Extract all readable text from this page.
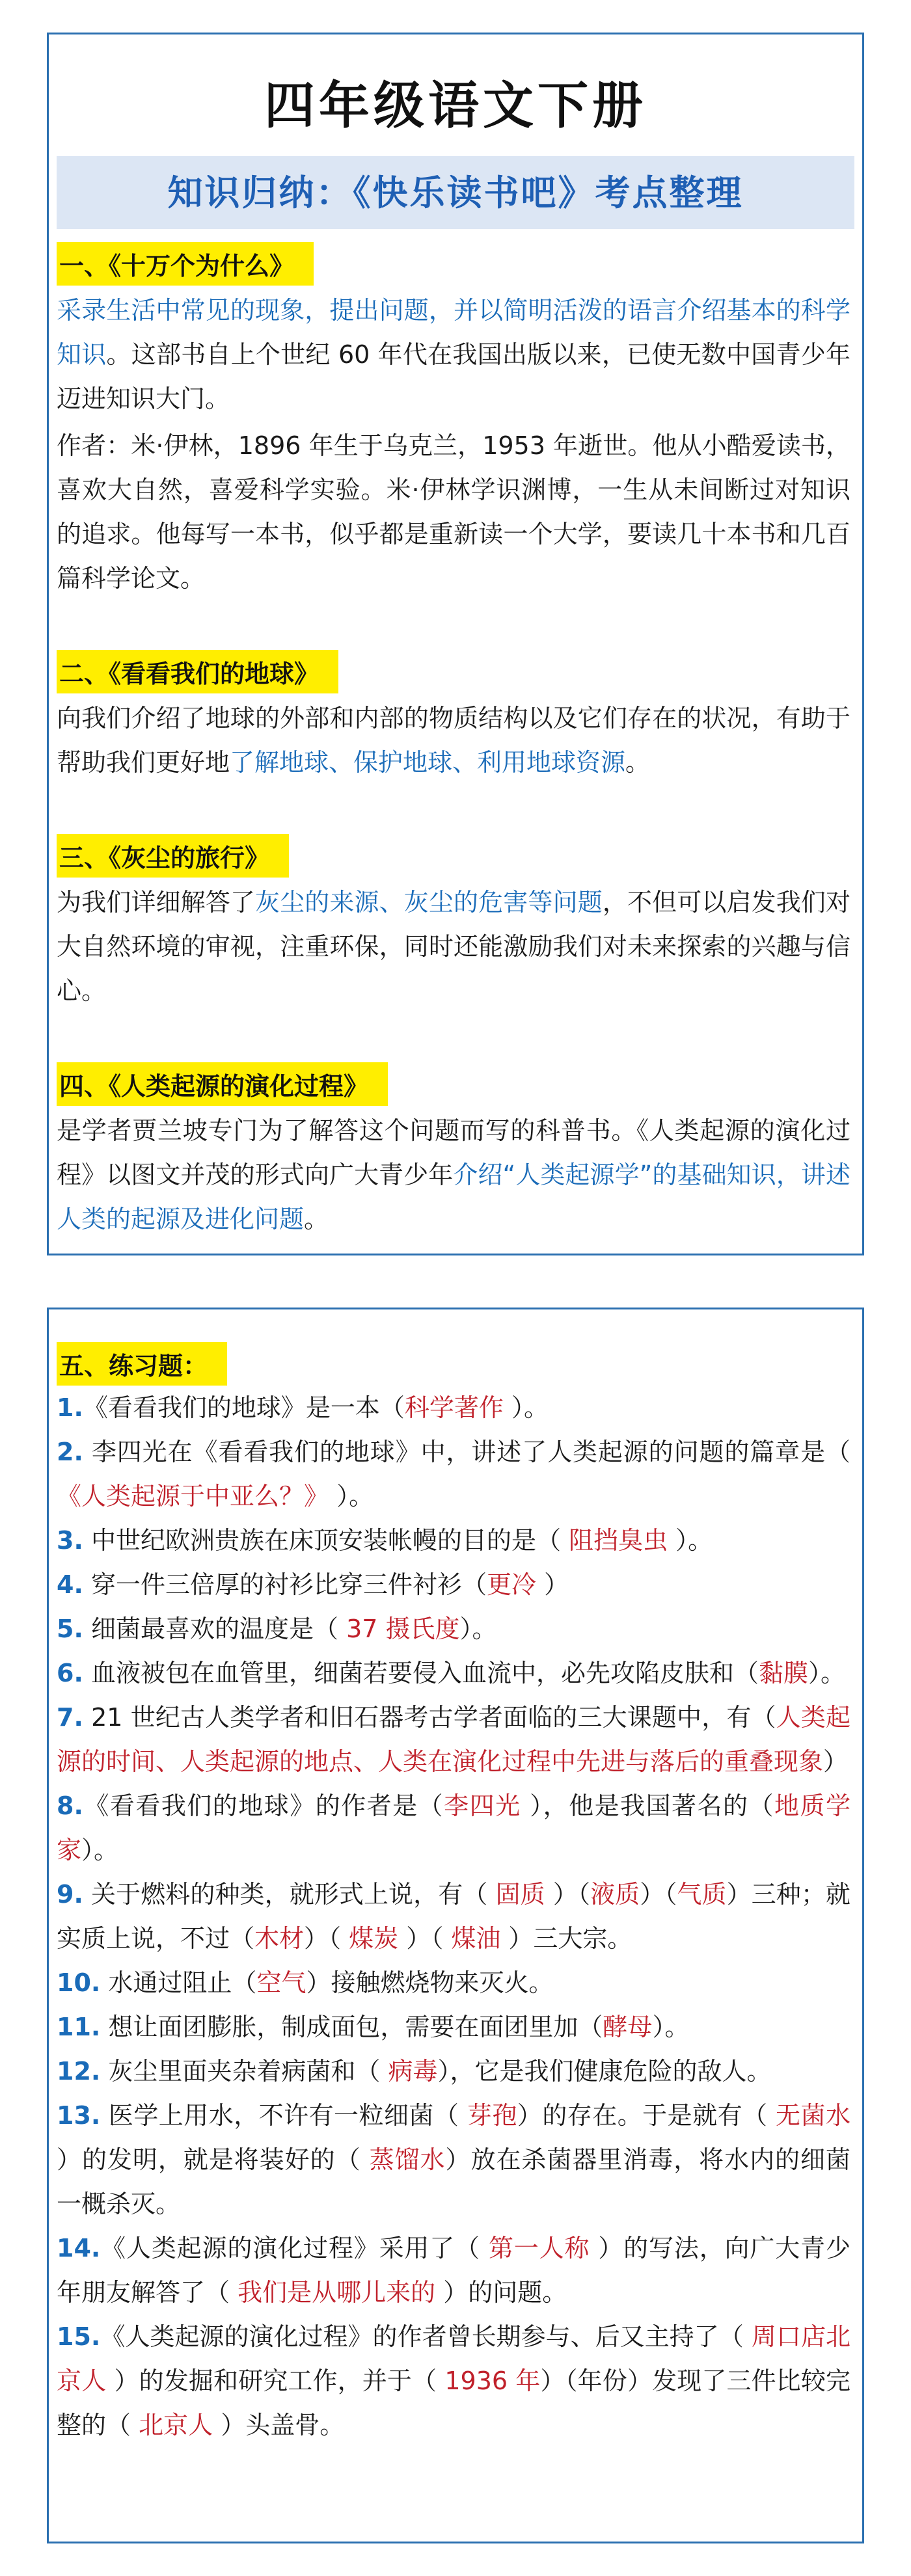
四年级语文下册
知识归纳：《快乐读书吧》考点整理
一、《十万个为什么》

采录生活中常见的现象，提出问题，并以简明活泼的语言介绍基本的科学知识。这部书自上个世纪 60 年代在我国出版以来，已使无数中国青少年迈进知识大门。

作者：米·伊林，1896 年生于乌克兰，1953 年逝世。他从小酷爱读书，喜欢大自然，喜爱科学实验。米·伊林学识渊博，一生从未间断过对知识的追求。他每写一本书，似乎都是重新读一个大学，要读几十本书和几百篇科学论文。

二、《看看我们的地球》

向我们介绍了地球的外部和内部的物质结构以及它们存在的状况，有助于帮助我们更好地了解地球、保护地球、利用地球资源。

三、《灰尘的旅行》

为我们详细解答了灰尘的来源、灰尘的危害等问题，不但可以启发我们对大自然环境的审视，注重环保，同时还能激励我们对未来探索的兴趣与信心。

四、《人类起源的演化过程》

是学者贾兰坡专门为了解答这个问题而写的科普书。《人类起源的演化过程》以图文并茂的形式向广大青少年介绍“人类起源学”的基础知识，讲述人类的起源及进化问题。

五、练习题：

1.《看看我们的地球》是一本（科学著作 ）。

2. 李四光在《看看我们的地球》中，讲述了人类起源的问题的篇章是（ 《人类起源于中亚么？》 ）。

3. 中世纪欧洲贵族在床顶安装帐幔的目的是（ 阻挡臭虫 ）。

4. 穿一件三倍厚的衬衫比穿三件衬衫（更冷 ）

5. 细菌最喜欢的温度是（ 37 摄氏度）。

6. 血液被包在血管里，细菌若要侵入血流中，必先攻陷皮肤和（黏膜）。

7. 21 世纪古人类学者和旧石器考古学者面临的三大课题中，有（人类起源的时间、人类起源的地点、人类在演化过程中先进与落后的重叠现象）

8.《看看我们的地球》的作者是（李四光 ），他是我国著名的（地质学家）。

9. 关于燃料的种类，就形式上说，有（ 固质 ）（液质）（气质）三种；就实质上说，不过（木材）（ 煤炭 ）（ 煤油 ）三大宗。

10. 水通过阻止（空气）接触燃烧物来灭火。

11. 想让面团膨胀，制成面包，需要在面团里加（酵母）。

12. 灰尘里面夹杂着病菌和（ 病毒），它是我们健康危险的敌人。

13. 医学上用水，不许有一粒细菌（ 芽孢）的存在。于是就有（ 无菌水 ）的发明，就是将装好的（ 蒸馏水）放在杀菌器里消毒，将水内的细菌一概杀灭。

14.《人类起源的演化过程》采用了（ 第一人称 ）的写法，向广大青少年朋友解答了（ 我们是从哪儿来的 ）的问题。

15.《人类起源的演化过程》的作者曾长期参与、后又主持了（ 周口店北京人 ）的发掘和研究工作，并于（ 1936 年）（年份）发现了三件比较完整的（ 北京人 ）头盖骨。
